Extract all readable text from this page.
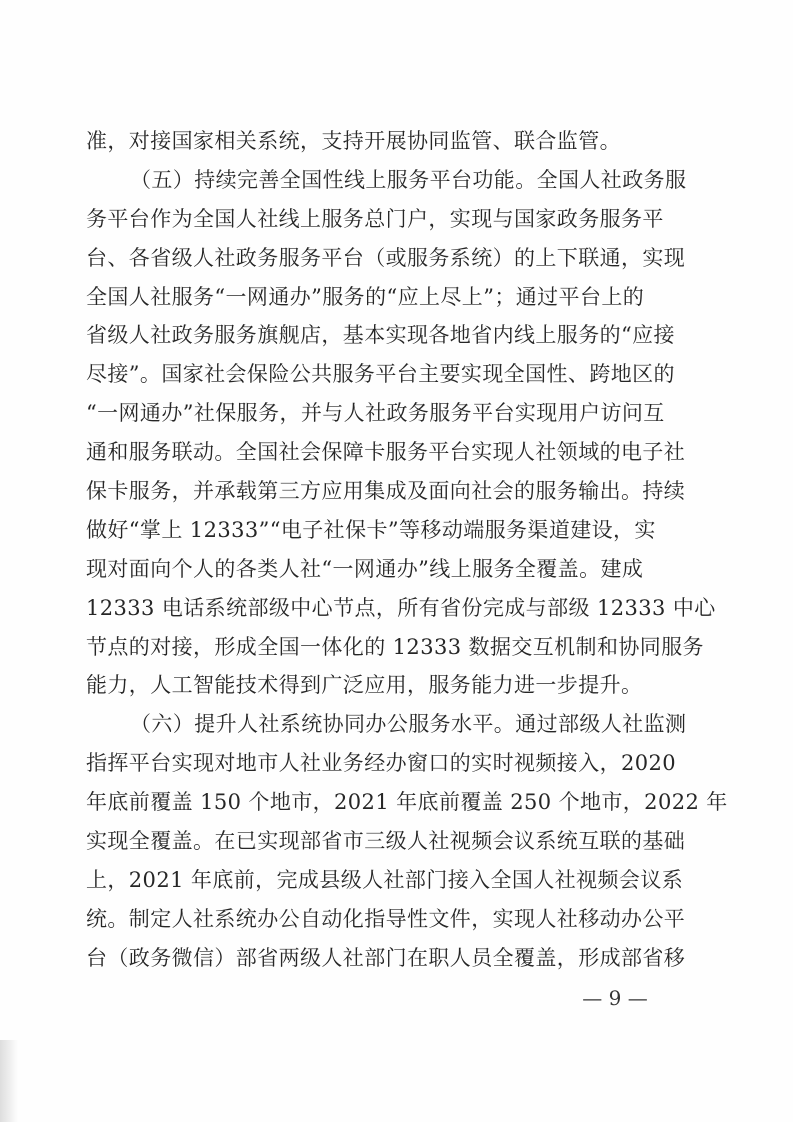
准，对接国家相关系统，支持开展协同监管、联合监管。
（五）持续完善全国性线上服务平台功能。全国人社政务服
务平台作为全国人社线上服务总门户，实现与国家政务服务平
台、各省级人社政务服务平台（或服务系统）的上下联通，实现
全国人社服务“一网通办”服务的“应上尽上”；通过平台上的
省级人社政务服务旗舰店，基本实现各地省内线上服务的“应接
尽接”。国家社会保险公共服务平台主要实现全国性、跨地区的
“一网通办”社保服务，并与人社政务服务平台实现用户访问互
通和服务联动。全国社会保障卡服务平台实现人社领域的电子社
保卡服务，并承载第三方应用集成及面向社会的服务输出。持续
做好“掌上 12333”“电子社保卡”等移动端服务渠道建设，实
现对面向个人的各类人社“一网通办”线上服务全覆盖。建成
12333 电话系统部级中心节点，所有省份完成与部级 12333 中心
节点的对接，形成全国一体化的 12333 数据交互机制和协同服务
能力，人工智能技术得到广泛应用，服务能力进一步提升。
（六）提升人社系统协同办公服务水平。通过部级人社监测
指挥平台实现对地市人社业务经办窗口的实时视频接入，2020
年底前覆盖 150 个地市，2021 年底前覆盖 250 个地市，2022 年
实现全覆盖。在已实现部省市三级人社视频会议系统互联的基础
上，2021 年底前，完成县级人社部门接入全国人社视频会议系
统。制定人社系统办公自动化指导性文件，实现人社移动办公平
台（政务微信）部省两级人社部门在职人员全覆盖，形成部省移
— 9 —
